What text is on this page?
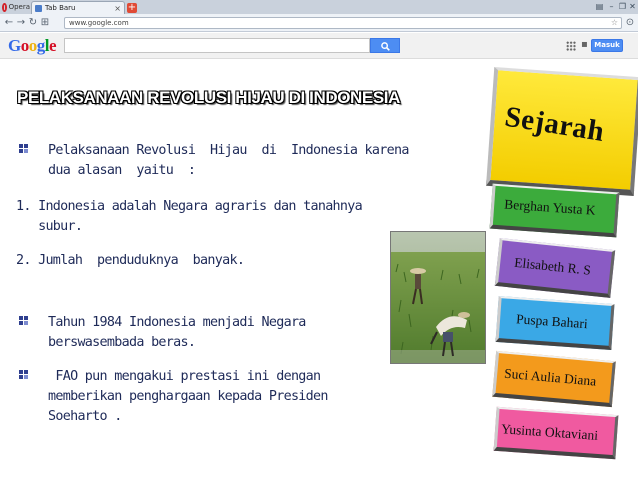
Opera Tab Baru	× +	▤ – ❐ ✕
← → ↻ ⊞	www.google.com	☆ ⊙
Google	▪ Masuk
PELAKSANAAN REVOLUSI HIJAU DI INDONESIA
Pelaksanaan Revolusi  Hijau  di  Indonesia karena
dua alasan  yaitu  :
1. Indonesia adalah Negara agraris dan tanahnya
subur.
2. Jumlah  penduduknya  banyak.
Tahun 1984 Indonesia menjadi Negara
berswasembada beras.
FAO pun mengakui prestasi ini dengan
memberikan penghargaan kepada Presiden
Soeharto .
Sejarah
Berghan Yusta K
Elisabeth R. S
Puspa Bahari
Suci Aulia Diana
Yusinta Oktaviani
